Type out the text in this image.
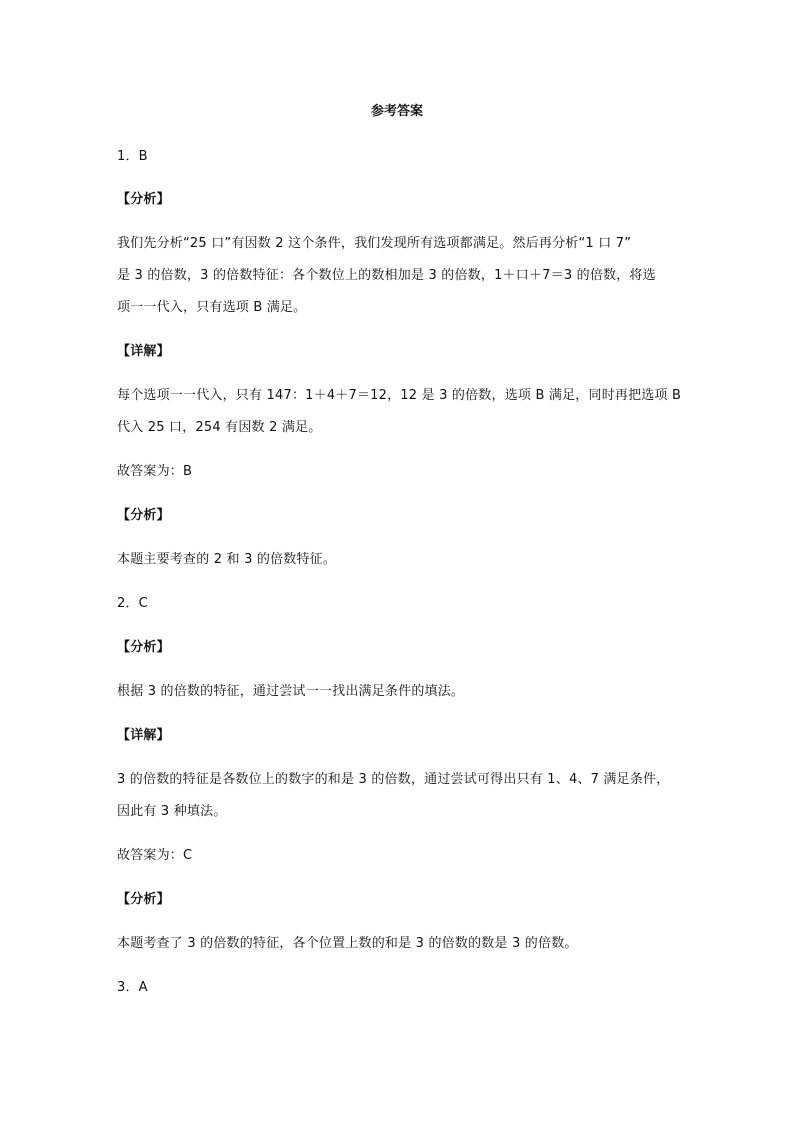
参考答案

1．B

【分析】

我们先分析“25 口”有因数 2 这个条件，我们发现所有选项都满足。然后再分析“1 口 7”

是 3 的倍数，3 的倍数特征：各个数位上的数相加是 3 的倍数，1＋口＋7＝3 的倍数，将选

项一一代入，只有选项 B 满足。

【详解】

每个选项一一代入，只有 147：1＋4＋7＝12，12 是 3 的倍数，选项 B 满足，同时再把选项 B

代入 25 口，254 有因数 2 满足。

故答案为：B

【分析】

本题主要考查的 2 和 3 的倍数特征。

2．C

【分析】

根据 3 的倍数的特征，通过尝试一一找出满足条件的填法。

【详解】

3 的倍数的特征是各数位上的数字的和是 3 的倍数，通过尝试可得出只有 1、4、7 满足条件，

因此有 3 种填法。

故答案为：C

【分析】

本题考查了 3 的倍数的特征，各个位置上数的和是 3 的倍数的数是 3 的倍数。

3．A
